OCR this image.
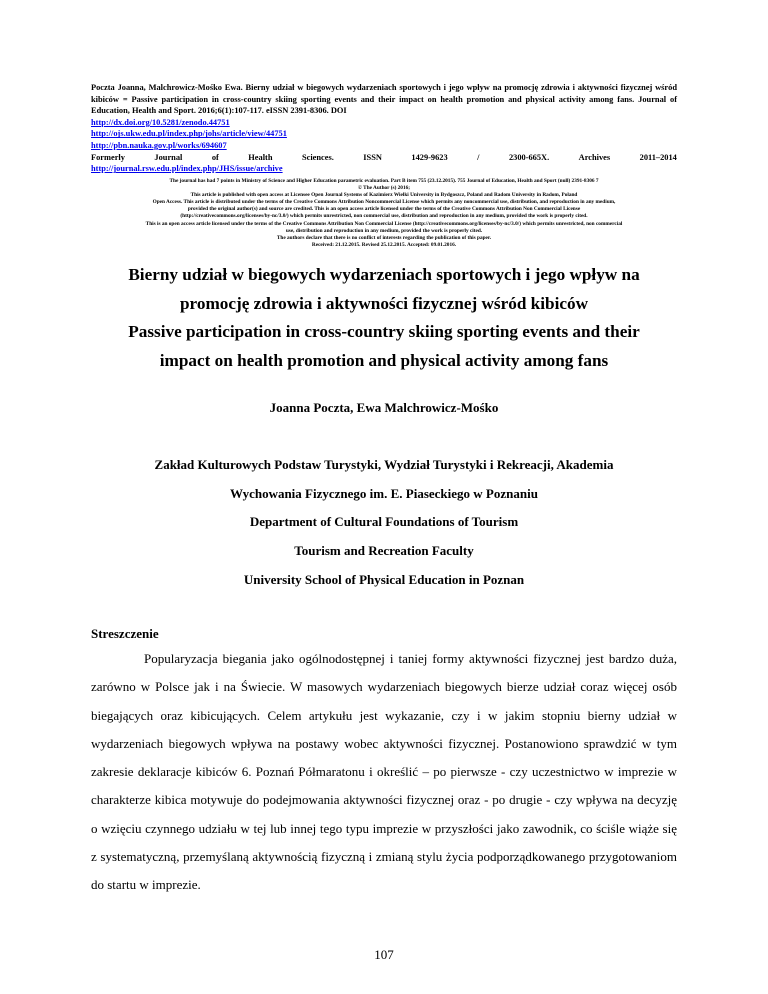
Poczta Joanna, Malchrowicz-Mośko Ewa. Bierny udział w biegowych wydarzeniach sportowych i jego wpływ na promocję zdrowia i aktywności fizycznej wśród kibiców = Passive participation in cross-country skiing sporting events and their impact on health promotion and physical activity among fans. Journal of Education, Health and Sport. 2016;6(1):107-117. eISSN 2391-8306. DOI
http://dx.doi.org/10.5281/zenodo.44751
http://ojs.ukw.edu.pl/index.php/johs/article/view/44751
http://pbn.nauka.gov.pl/works/694607
Formerly	Journal	of	Health	Sciences.	ISSN	1429-9623	/	2300-665X.	Archives	2011–2014
http://journal.rsw.edu.pl/index.php/JHS/issue/archive
The journal has had 7 points in Ministry of Science and Higher Education parametric evaluation. Part B item 755 (23.12.2015). 755 Journal of Education, Health and Sport (null) 2391-8306 7
© The Author (s) 2016;
This article is published with open access at Licensee Open Journal Systems of Kazimierz Wielki University in Bydgoszcz, Poland and Radom University in Radom, Poland
Open Access. This article is distributed under the terms of the Creative Commons Attribution Noncommercial License which permits any noncommercial use, distribution, and reproduction in any medium,
provided the original author(s) and source are credited. This is an open access article licensed under the terms of the Creative Commons Attribution Non Commercial License
(http://creativecommons.org/licenses/by-nc/3.0/) which permits unrestricted, non commercial use, distribution and reproduction in any medium, provided the work is properly cited.
This is an open access article licensed under the terms of the Creative Commons Attribution Non Commercial License (http://creativecommons.org/licenses/by-nc/3.0/) which permits unrestricted, non commercial
use, distribution and reproduction in any medium, provided the work is properly cited.
The authors declare that there is no conflict of interests regarding the publication of this paper.
Received: 21.12.2015. Revised 25.12.2015. Accepted: 09.01.2016.
Bierny udział w biegowych wydarzeniach sportowych i jego wpływ na
promocję zdrowia i aktywności fizycznej wśród kibiców
Passive participation in cross-country skiing sporting events and their
impact on health promotion and physical activity among fans
Joanna Poczta, Ewa Malchrowicz-Mośko
Zakład Kulturowych Podstaw Turystyki, Wydział Turystyki i Rekreacji, Akademia
Wychowania Fizycznego im. E. Piaseckiego w Poznaniu
Department of Cultural Foundations of Tourism
Tourism and Recreation Faculty
University School of Physical Education in Poznan
Streszczenie
Popularyzacja biegania jako ogólnodostępnej i taniej formy aktywności fizycznej jest bardzo duża, zarówno w Polsce jak i na Świecie. W masowych wydarzeniach biegowych bierze udział coraz więcej osób biegających oraz kibicujących. Celem artykułu jest wykazanie, czy i w jakim stopniu bierny udział w wydarzeniach biegowych wpływa na postawy wobec aktywności fizycznej. Postanowiono sprawdzić w tym zakresie deklaracje kibiców 6. Poznań Półmaratonu i określić – po pierwsze - czy uczestnictwo w imprezie w charakterze kibica motywuje do podejmowania aktywności fizycznej oraz - po drugie - czy wpływa na decyzję o wzięciu czynnego udziału w tej lub innej tego typu imprezie w przyszłości jako zawodnik, co ściśle wiąże się z systematyczną, przemyślaną aktywnością fizyczną i zmianą stylu życia podporządkowanego przygotowaniom do startu w imprezie.
107
